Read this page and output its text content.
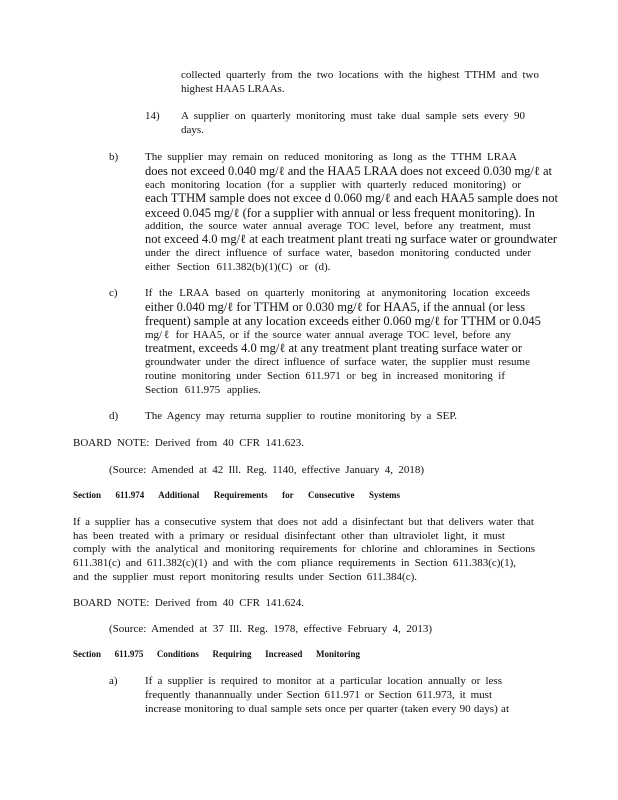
collected quarterly from the two locations with the highest TTHM and two

highest HAA5 LRAAs.

14) A supplier on quarterly monitoring must take dual sample sets every 90

days.

b) The supplier may remain on reduced monitoring as long as the TTHM LRAA

does not exceed 0.040 mg/ℓ and the HAA5 LRAA does not exceed 0.030 mg/ℓ at

each monitoring location (for a supplier with quarterly reduced monitoring) or

each TTHM sample does not excee d 0.060 mg/ℓ and each HAA5 sample does not

exceed 0.045 mg/ℓ (for a supplier with annual or less frequent monitoring). In

addition, the source water annual average TOC level, before any treatment, must

not exceed 4.0 mg/ℓ at each treatment plant treati ng surface water or groundwater

under the direct influence of surface water, basedon monitoring conducted under

either Section 611.382(b)(1)(C) or (d).

c) If the LRAA based on quarterly monitoring at anymonitoring location exceeds

either 0.040 mg/ℓ for TTHM or 0.030 mg/ℓ for HAA5, if the annual (or less

frequent) sample at any location exceeds either 0.060 mg/ℓ for TTHM or 0.045

mg/ℓ for HAA5, or if the source water annual average TOC level, before any

treatment, exceeds 4.0 mg/ℓ at any treatment plant treating surface water or

groundwater under the direct influence of surface water, the supplier must resume

routine monitoring under Section 611.971 or beg in increased monitoring if

Section 611.975 applies.

d) The Agency may returna supplier to routine monitoring by a SEP.

BOARD NOTE: Derived from 40 CFR 141.623.

(Source: Amended at 42 Ill. Reg. 1140, effective January 4, 2018)

Section 611.974 Additional Requirements for Consecutive Systems

If a supplier has a consecutive system that does not add a disinfectant but that delivers water that

has been treated with a primary or residual disinfectant other than ultraviolet light, it must

comply with the analytical and monitoring requirements for chlorine and chloramines in Sections

611.381(c) and 611.382(c)(1) and with the com pliance requirements in Section 611.383(c)(1),

and the supplier must report monitoring results under Section 611.384(c).

BOARD NOTE: Derived from 40 CFR 141.624.

(Source: Amended at 37 Ill. Reg. 1978, effective February 4, 2013)

Section 611.975 Conditions Requiring Increased Monitoring

a) If a supplier is required to monitor at a particular location annually or less

frequently thanannually under Section 611.971 or Section 611.973, it must

increase monitoring to dual sample sets once per quarter (taken every 90 days) at
